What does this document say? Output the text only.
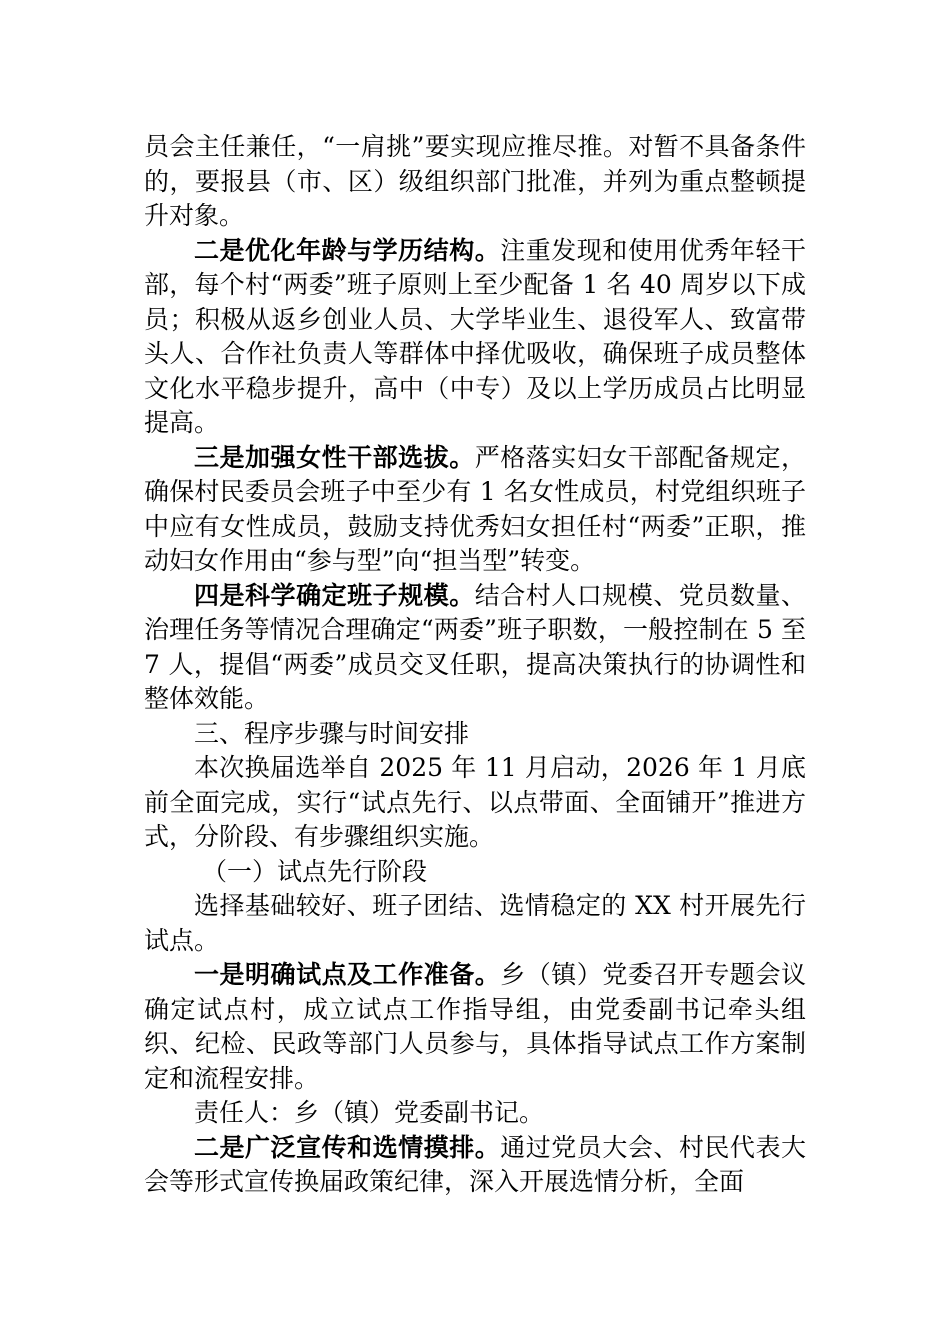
员会主任兼任，“一肩挑”要实现应推尽推。对暂不具备条件的，要报县（市、区）级组织部门批准，并列为重点整顿提升对象。

二是优化年龄与学历结构。注重发现和使用优秀年轻干部，每个村“两委”班子原则上至少配备 1 名 40 周岁以下成员；积极从返乡创业人员、大学毕业生、退役军人、致富带头人、合作社负责人等群体中择优吸收，确保班子成员整体文化水平稳步提升，高中（中专）及以上学历成员占比明显提高。

三是加强女性干部选拔。严格落实妇女干部配备规定，确保村民委员会班子中至少有 1 名女性成员，村党组织班子中应有女性成员，鼓励支持优秀妇女担任村“两委”正职，推动妇女作用由“参与型”向“担当型”转变。

四是科学确定班子规模。结合村人口规模、党员数量、治理任务等情况合理确定“两委”班子职数，一般控制在 5 至 7 人，提倡“两委”成员交叉任职，提高决策执行的协调性和整体效能。

三、程序步骤与时间安排

本次换届选举自 2025 年 11 月启动，2026 年 1 月底前全面完成，实行“试点先行、以点带面、全面铺开”推进方式，分阶段、有步骤组织实施。

（一）试点先行阶段

选择基础较好、班子团结、选情稳定的 XX 村开展先行试点。

一是明确试点及工作准备。乡（镇）党委召开专题会议确定试点村，成立试点工作指导组，由党委副书记牵头组织、纪检、民政等部门人员参与，具体指导试点工作方案制定和流程安排。

责任人：乡（镇）党委副书记。

二是广泛宣传和选情摸排。通过党员大会、村民代表大会等形式宣传换届政策纪律，深入开展选情分析，全面
